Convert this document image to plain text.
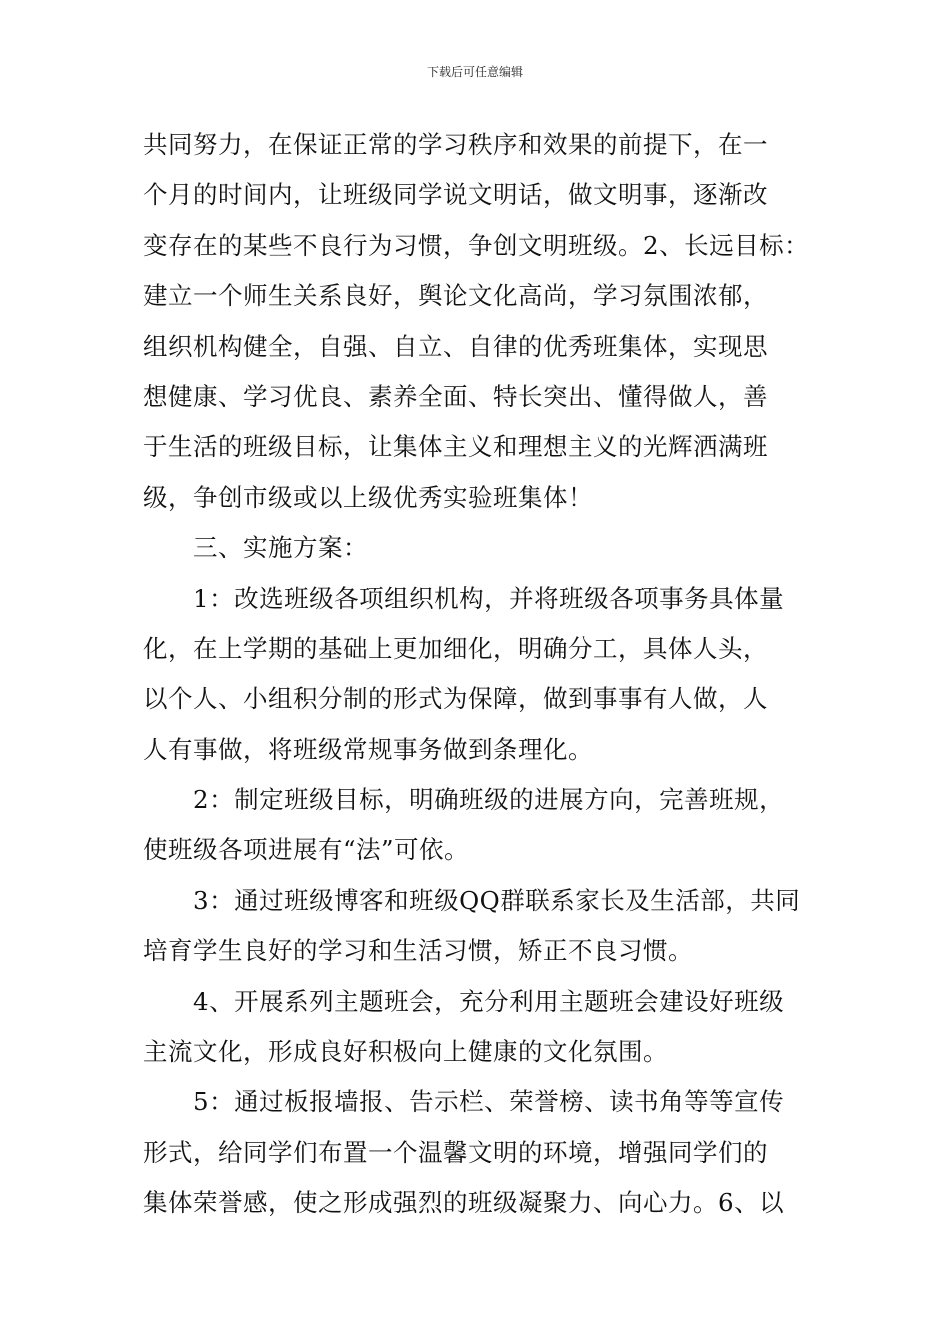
下载后可任意编辑
共同努力，在保证正常的学习秩序和效果的前提下，在一
个月的时间内，让班级同学说文明话，做文明事，逐渐改
变存在的某些不良行为习惯，争创文明班级。2、长远目标：
建立一个师生关系良好，舆论文化高尚，学习氛围浓郁，
组织机构健全，自强、自立、自律的优秀班集体，实现思
想健康、学习优良、素养全面、特长突出、懂得做人，善
于生活的班级目标，让集体主义和理想主义的光辉洒满班
级，争创市级或以上级优秀实验班集体！
三、实施方案：
1：改选班级各项组织机构，并将班级各项事务具体量
化，在上学期的基础上更加细化，明确分工，具体人头，
以个人、小组积分制的形式为保障，做到事事有人做，人
人有事做，将班级常规事务做到条理化。
2：制定班级目标，明确班级的进展方向，完善班规，
使班级各项进展有“法”可依。
3：通过班级博客和班级QQ群联系家长及生活部，共同
培育学生良好的学习和生活习惯，矫正不良习惯。
4、开展系列主题班会，充分利用主题班会建设好班级
主流文化，形成良好积极向上健康的文化氛围。
5：通过板报墙报、告示栏、荣誉榜、读书角等等宣传
形式，给同学们布置一个温馨文明的环境，增强同学们的
集体荣誉感，使之形成强烈的班级凝聚力、向心力。6、以
